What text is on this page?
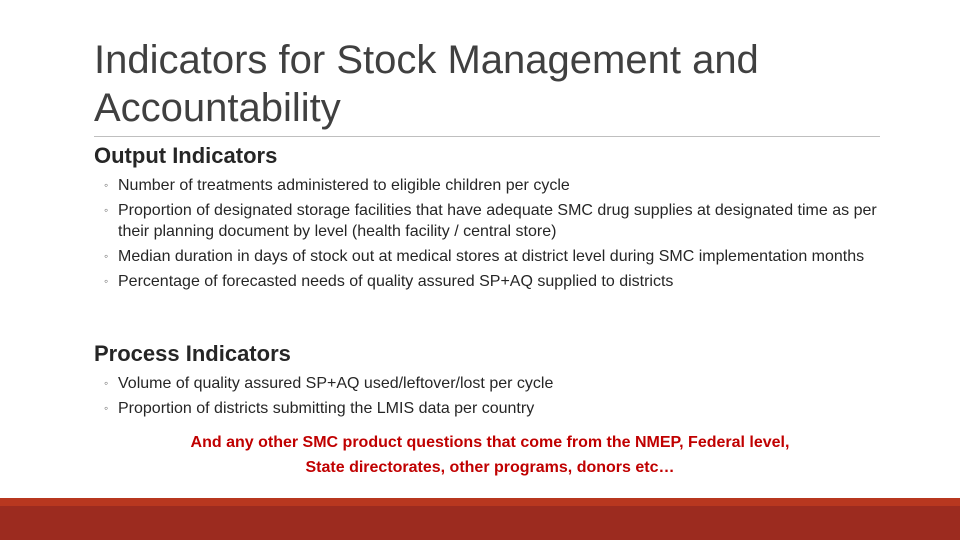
Indicators for Stock Management and
Accountability
Output Indicators
◦ Number of treatments administered to eligible children per cycle
◦ Proportion of designated storage facilities that have adequate SMC drug supplies at designated time as per their planning document by level (health facility / central store)
◦ Median duration in days of stock out at medical stores at district level during SMC implementation months
◦ Percentage of forecasted needs of quality assured SP+AQ supplied to districts
Process Indicators
◦ Volume of quality assured SP+AQ used/leftover/lost per cycle
◦ Proportion of districts submitting the LMIS data per country

And any other SMC product questions that come from the NMEP, Federal level,
State directorates, other programs, donors etc…
